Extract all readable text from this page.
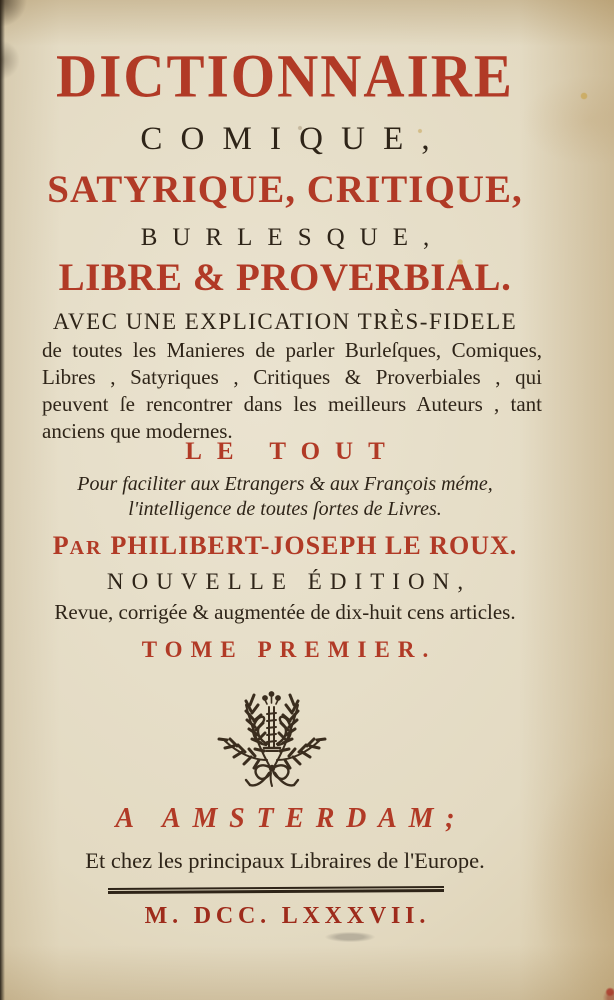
DICTIONNAIRE
COMIQUE,
SATYRIQUE, CRITIQUE,
BURLESQUE,
LIBRE & PROVERBIAL.
AVEC UNE EXPLICATION TRÈS-FIDELE
de toutes les Manieres de parler Burleſques, Comiques,
Libres , Satyriques , Critiques & Proverbiales , qui
peuvent ſe rencontrer dans les meilleurs Auteurs , tant
anciens que modernes.
LE TOUT
Pour faciliter aux Etrangers & aux François méme,
l'intelligence de toutes ſortes de Livres.
PAR PHILIBERT-JOSEPH LE ROUX.
NOUVELLE ÉDITION,
Revue, corrigée & augmentée de dix-huit cens articles.
TOME PREMIER.
A AMSTERDAM;
Et chez les principaux Libraires de l'Europe.
M. DCC. LXXXVII.
